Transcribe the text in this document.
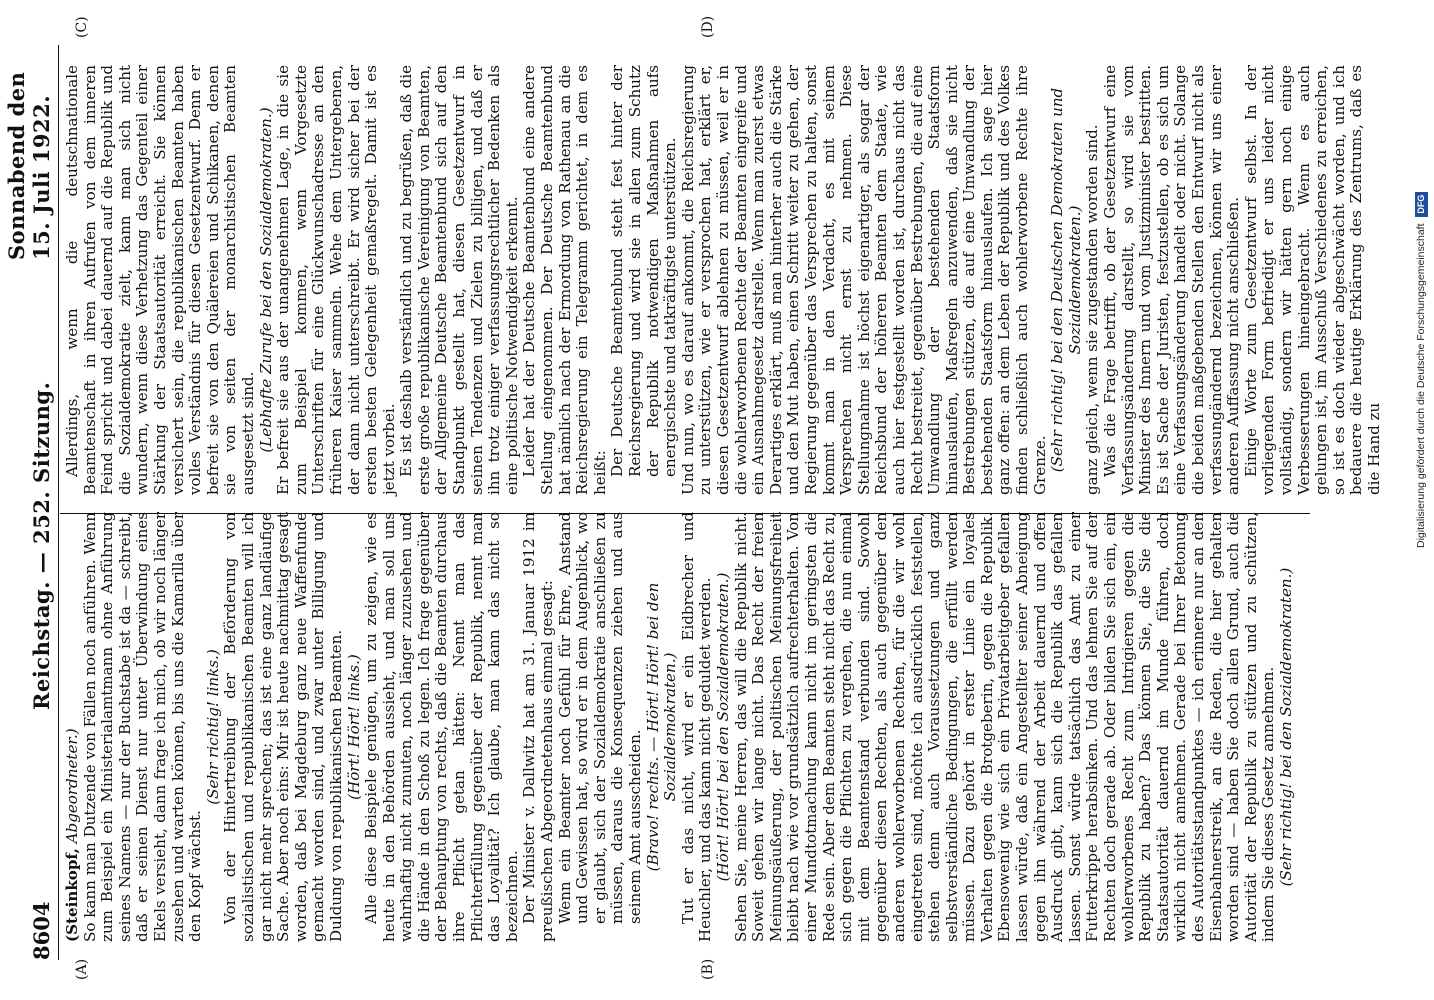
8604
Reichstag. — 252. Sitzung.
Sonnabend den 15. Juli 1922.
(A)	(B)
(C)	(D)

(Steinkopf, Abgeordneter.) So kann man Dutzende von Fällen noch anführen. Wenn zum Beispiel ein Ministerialamtmann ohne Anführung seines Namens — nur der Buchstabe ist da — schreibt, daß er seinen Dienst nur unter Überwindung eines Ekels versieht, dann frage ich mich, ob wir noch länger zusehen und warten können, bis uns die Kamarilla über den Kopf wächst.

(Sehr richtig! links.) Von der Hintertreibung der Beförderung von sozialistischen und republikanischen Beamten will ich gar nicht mehr sprechen; das ist eine ganz landläufige Sache. Aber noch eins: Mir ist heute nachmittag gesagt worden, daß bei Magdeburg ganz neue Waffenfunde gemacht worden sind, und zwar unter Billigung und Duldung von republikanischen Beamten. (Hört! Hört! links.) Alle diese Beispiele genügen, um zu zeigen, wie es heute in den Behörden aussieht, und man soll uns wahrhaftig nicht zumuten, noch länger zuzusehen und die Hände in den Schoß zu legen. Ich frage gegenüber der Behauptung von rechts, daß die Beamten durchaus ihre Pflicht getan hätten: Nennt man das Pflichterfüllung gegenüber der Republik, nennt man das Loyalität? Ich glaube, man kann das nicht so bezeichnen. Der Minister v. Dallwitz hat am 31. Januar 1912 im preußischen Abgeordnetenhaus einmal gesagt: Wenn ein Beamter noch Gefühl für Ehre, Anstand und Gewissen hat, so wird er in dem Augenblick, wo er glaubt, sich der Sozialdemokratie anschließen zu müssen, daraus die Konsequenzen ziehen und aus seinem Amt ausscheiden. (Bravo! rechts. — Hört! Hört! bei den Sozialdemokraten.) Tut er das nicht, wird er ein Eidbrecher und Heuchler, und das kann nicht geduldet werden. (Hört! Hört! bei den Sozialdemokraten.) Sehen Sie, meine Herren, das will die Republik nicht. Soweit gehen wir lange nicht. Das Recht der freien Meinungsäußerung, der politischen Meinungsfreiheit bleibt nach wie vor grundsätzlich aufrechterhalten. Von einer Mundtotmachung kann nicht im geringsten die Rede sein. Aber dem Beamten steht nicht das Recht zu, sich gegen die Pflichten zu vergehen, die nun einmal mit dem Beamtenstand verbunden sind. Sowohl gegenüber diesen Rechten, als auch gegenüber den anderen wohlerworbenen Rechten, für die wir wohl eingetreten sind, möchte ich ausdrücklich feststellen, stehen denn auch Voraussetzungen und ganz selbstverständliche Bedingungen, die erfüllt werden müssen. Dazu gehört in erster Linie ein loyales Verhalten gegen die Brotgeberin, gegen die Republik. Ebensowenig wie sich ein Privatarbeitgeber gefallen lassen würde, daß ein Angestellter seiner Abneigung gegen ihn während der Arbeit dauernd und offen Ausdruck gibt, kann sich die Republik das gefallen lassen. Sonst würde tatsächlich das Amt zu einer Futterkrippe herabsinken. Und das lehnen Sie auf der Rechten doch gerade ab. Oder bilden Sie sich ein, ein wohlerworbenes Recht zum Intrigieren gegen die Republik zu haben? Das können Sie, die Sie die Staatsautorität dauernd im Munde führen, doch wirklich nicht annehmen. Gerade bei Ihrer Betonung des Autoritätsstandpunktes — ich erinnere nur an den Eisenbahnerstreik, an die Reden, die hier gehalten worden sind — haben Sie doch allen Grund, auch die Autorität der Republik zu stützen und zu schützen, indem Sie dieses Gesetz annehmen. (Sehr richtig! bei den Sozialdemokraten.)

Allerdings, wenn die deutschnationale Beamtenschaft in ihren Aufrufen von dem inneren Feind spricht und dabei dauernd auf die Republik und die Sozialdemokratie zielt, kann man sich nicht wundern, wenn diese Verhetzung das Gegenteil einer Stärkung der Staatsautorität erreicht. Sie können versichert sein, die republikanischen Beamten haben volles Verständnis für diesen Gesetzentwurf. Denn er befreit sie von den Quälereien und Schikanen, denen sie von seiten der monarchistischen Beamten ausgesetzt sind. (Lebhafte Zurufe bei den Sozialdemokraten.) Er befreit sie aus der unangenehmen Lage, in die sie zum Beispiel kommen, wenn Vorgesetzte Unterschriften für eine Glückwunschadresse an den früheren Kaiser sammeln. Wehe dem Untergebenen, der dann nicht unterschreibt. Er wird sicher bei der ersten besten Gelegenheit gemaßregelt. Damit ist es jetzt vorbei. Es ist deshalb verständlich und zu begrüßen, daß die erste große republikanische Vereinigung von Beamten, der Allgemeine Deutsche Beamtenbund sich auf den Standpunkt gestellt hat, diesen Gesetzentwurf in seinen Tendenzen und Zielen zu billigen, und daß er ihn trotz einiger verfassungsrechtlicher Bedenken als eine politische Notwendigkeit erkennt. Leider hat der Deutsche Beamtenbund eine andere Stellung eingenommen. Der Deutsche Beamtenbund hat nämlich nach der Ermordung von Rathenau an die Reichsregierung ein Telegramm gerichtet, in dem es heißt: Der Deutsche Beamtenbund steht fest hinter der Reichsregierung und wird sie in allen zum Schutz der Republik notwendigen Maßnahmen aufs energischste und tatkräftigste unterstützen. Und nun, wo es darauf ankommt, die Reichsregierung zu unterstützen, wie er versprochen hat, erklärt er, diesen Gesetzentwurf ablehnen zu müssen, weil er in die wohlerworbenen Rechte der Beamten eingreife und ein Ausnahmegesetz darstelle. Wenn man zuerst etwas Derartiges erklärt, muß man hinterher auch die Stärke und den Mut haben, einen Schritt weiter zu gehen, der Regierung gegenüber das Versprechen zu halten, sonst kommt man in den Verdacht, es mit seinem Versprechen nicht ernst zu nehmen. Diese Stellungnahme ist höchst eigenartiger, als sogar der Reichsbund der höheren Beamten dem Staate, wie auch hier festgestellt worden ist, durchaus nicht das Recht bestreitet, gegenüber Bestrebungen, die auf eine Umwandlung der bestehenden Staatsform hinauslaufen, Maßregeln anzuwenden, daß sie nicht Bestrebungen stützen, die auf eine Umwandlung der bestehenden Staatsform hinauslaufen. Ich sage hier ganz offen: an dem Leben der Republik und des Volkes finden schließlich auch wohlerworbene Rechte ihre Grenze. (Sehr richtig! bei den Deutschen Demokraten und Sozialdemokraten.) ganz gleich, wenn sie zugestanden worden sind. Was die Frage betrifft, ob der Gesetzentwurf eine Verfassungsänderung darstellt, so wird sie vom Minister des Innern und vom Justizminister bestritten. Es ist Sache der Juristen, festzustellen, ob es sich um eine Verfassungsänderung handelt oder nicht. Solange die beiden maßgebenden Stellen den Entwurf nicht als verfassungändernd bezeichnen, können wir uns einer anderen Auffassung nicht anschließen. Einige Worte zum Gesetzentwurf selbst. In der vorliegenden Form befriedigt er uns leider nicht vollständig, sondern wir hätten gern noch einige Verbesserungen hineingebracht. Wenn es auch gelungen ist, im Ausschuß Verschiedenes zu erreichen, so ist es doch wieder abgeschwächt worden, und ich bedauere die heutige Erklärung des Zentrums, daß es die Hand zu	Digitalisierung gefördert durch die Deutsche Forschungsgemeinschaft DFG
